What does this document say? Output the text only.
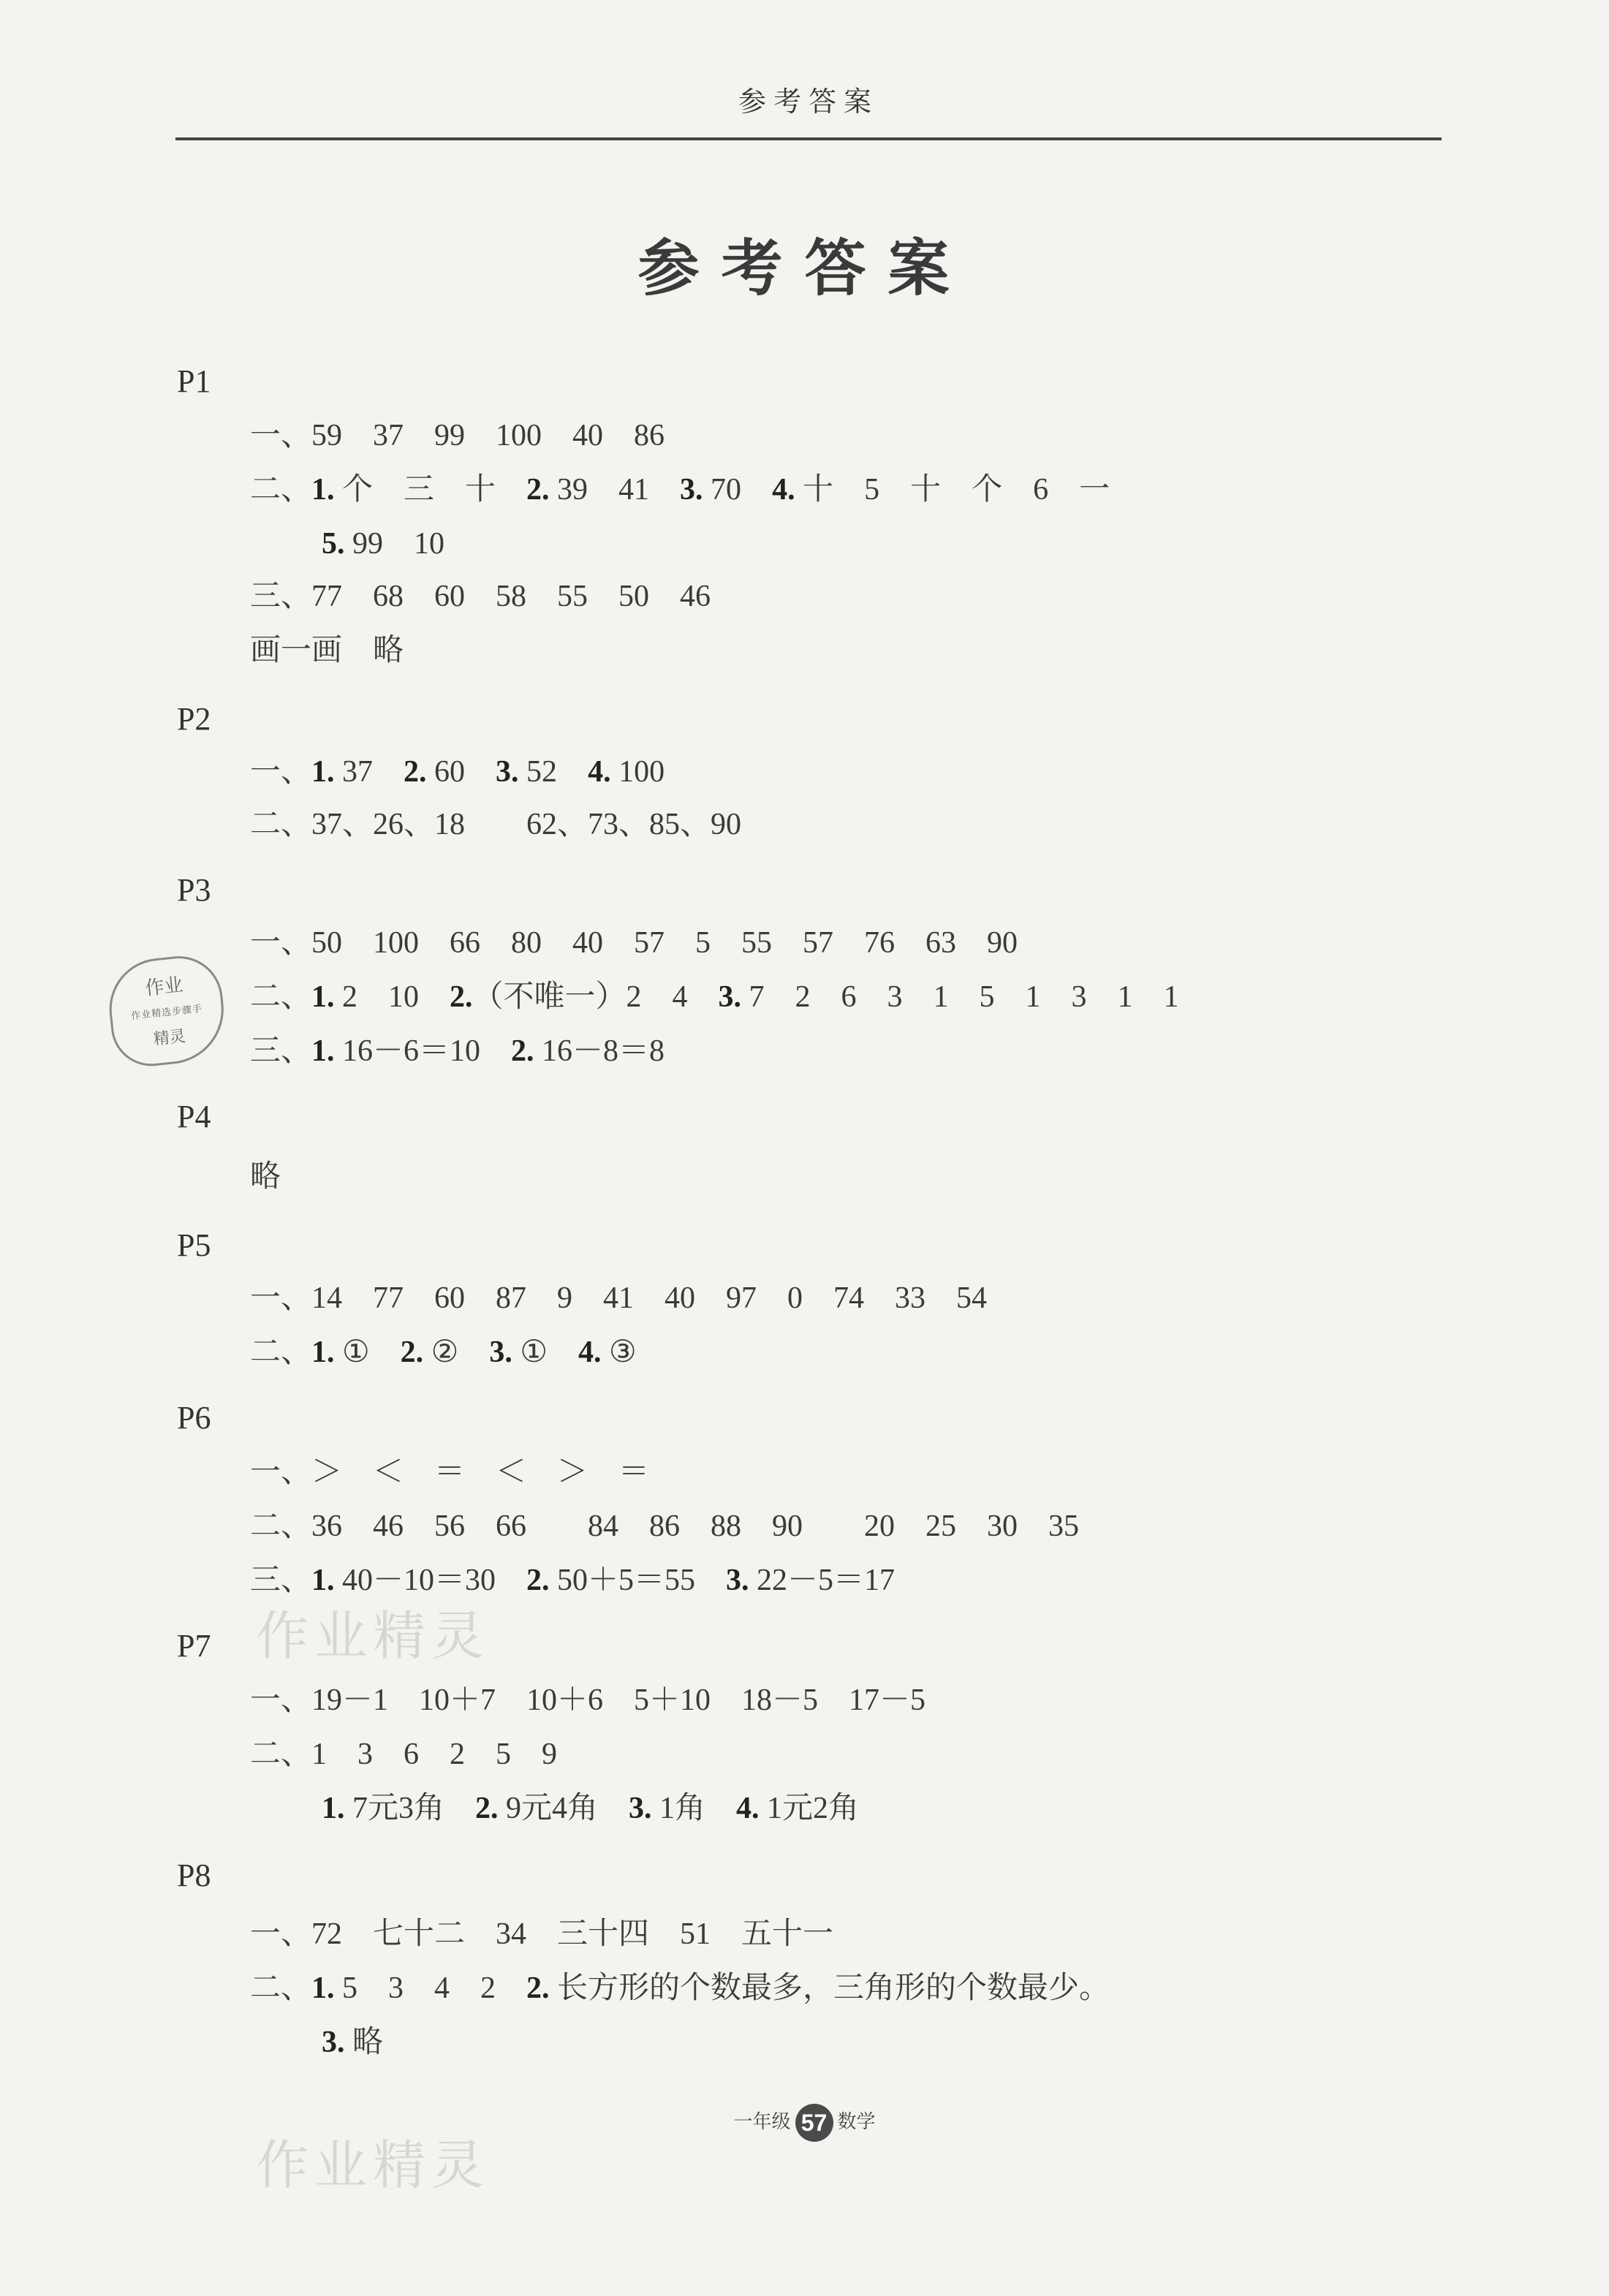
参考答案
参考答案
P1
P2
P3
P4
P5
P6
P7
P8
一、59　37　99　100　40　86
二、1. 个　三　十　2. 39　41　3. 70　4. 十　5　十　个　6　一
5. 99　10
三、77　68　60　58　55　50　46
画一画　略
一、1. 37　2. 60　3. 52　4. 100
二、37、26、18　　62、73、85、90
一、50　100　66　80　40　57　5　55　57　76　63　90
二、1. 2　10　2.（不唯一）2　4　3. 7　2　6　3　1　5　1　3　1　1
三、1. 16－6＝10　2. 16－8＝8
略
一、14　77　60　87　9　41　40　97　0　74　33　54
二、1. ①　2. ②　3. ①　4. ③
一、＞　＜　＝　＜　＞　＝
二、36　46　56　66　　84　86　88　90　　20　25　30　35
三、1. 40－10＝30　2. 50＋5＝55　3. 22－5＝17
一、19－1　10＋7　10＋6　5＋10　18－5　17－5
二、1　3　6　2　5　9
1. 7元3角　2. 9元4角　3. 1角　4. 1元2角
一、72　七十二　34　三十四　51　五十一
二、1. 5　3　4　2　2. 长方形的个数最多，三角形的个数最少。
3. 略
作业
作业精选步骤手
精灵
作业精灵
作业精灵
一年级 57 数学
